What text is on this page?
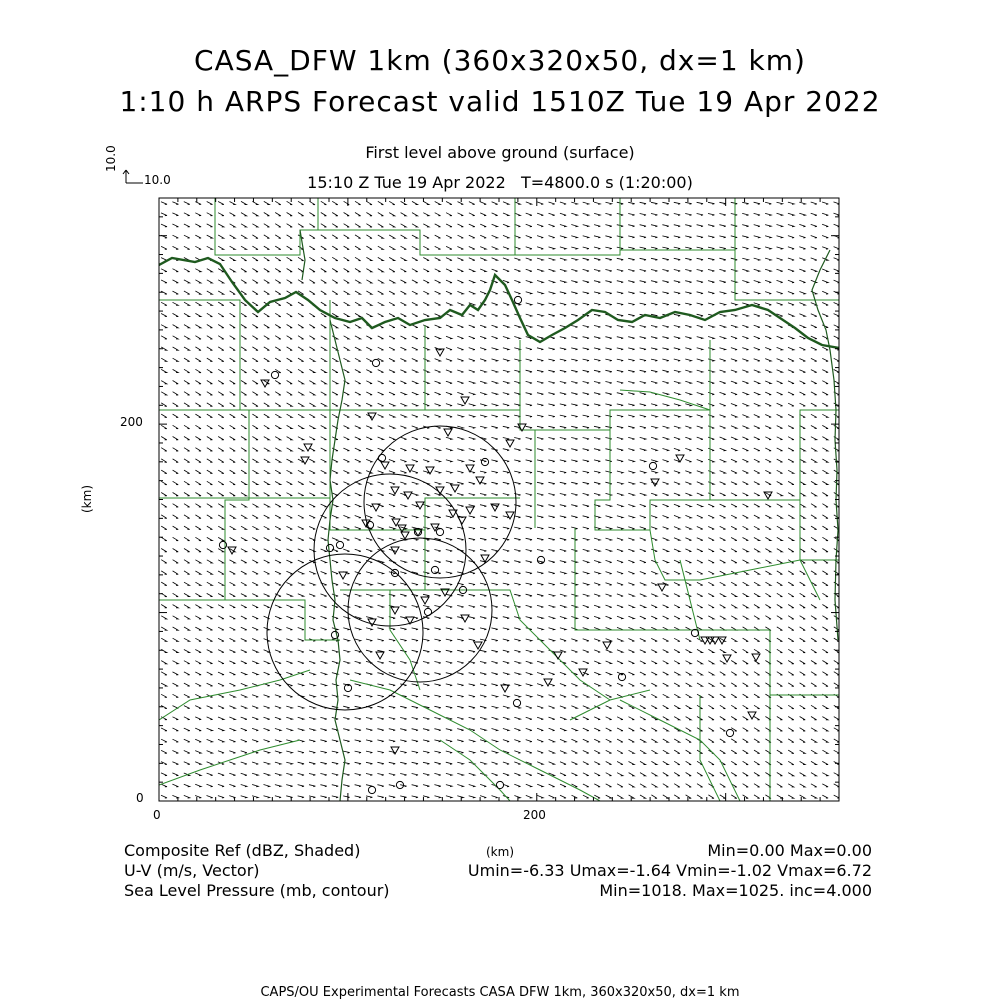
CASA_DFW 1km (360x320x50, dx=1 km)
1:10 h ARPS Forecast valid 1510Z Tue 19 Apr 2022
First level above ground (surface)
15:10 Z Tue 19 Apr 2022   T=4800.0 s (1:20:00)
10.0
10.0
(km)
0
200
0	200
Composite Ref (dBZ, Shaded)	(km)	Min=0.00 Max=0.00
U-V (m/s, Vector)	Umin=-6.33 Umax=-1.64 Vmin=-1.02 Vmax=6.72
Sea Level Pressure (mb, contour)	Min=1018. Max=1025. inc=4.000
CAPS/OU Experimental Forecasts CASA DFW 1km, 360x320x50, dx=1 km
